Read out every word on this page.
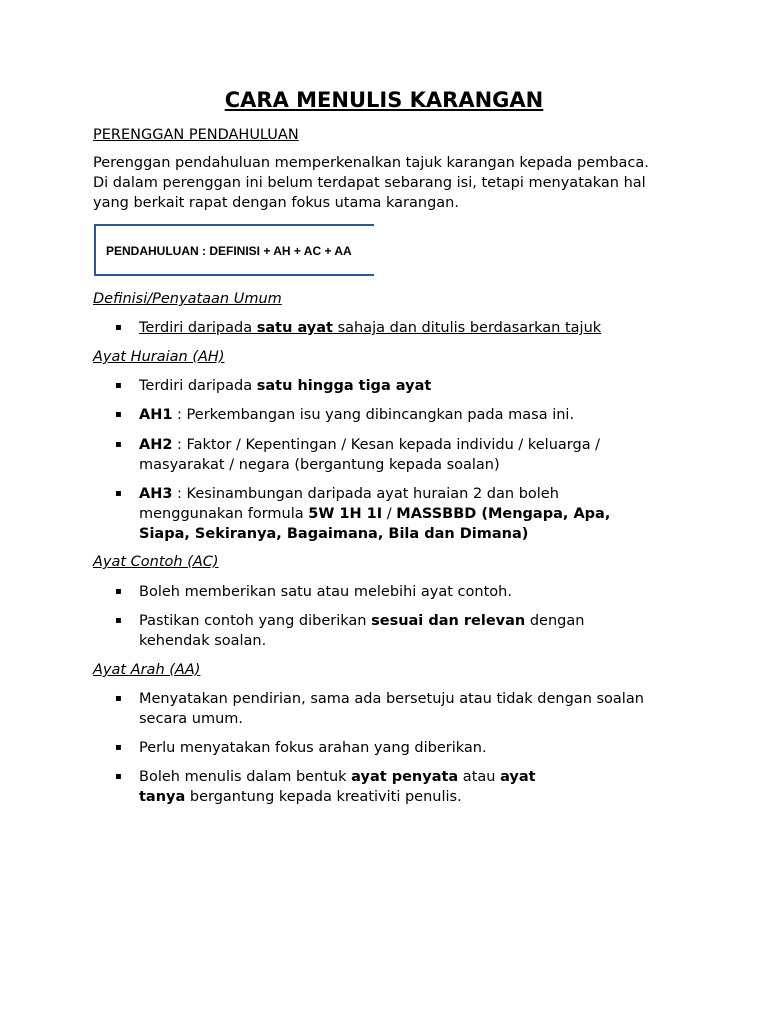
CARA MENULIS KARANGAN

PERENGGAN PENDAHULUAN

Perenggan pendahuluan memperkenalkan tajuk karangan kepada pembaca. Di dalam perenggan ini belum terdapat sebarang isi, tetapi menyatakan hal yang berkait rapat dengan fokus utama karangan.

PENDAHULUAN : DEFINISI + AH + AC + AA

Definisi/Penyataan Umum

▪ Terdiri daripada satu ayat sahaja dan ditulis berdasarkan tajuk

Ayat Huraian (AH)

▪ Terdiri daripada satu hingga tiga ayat

▪ AH1 : Perkembangan isu yang dibincangkan pada masa ini.

▪ AH2 : Faktor / Kepentingan / Kesan kepada individu / keluarga / masyarakat / negara (bergantung kepada soalan)

▪ AH3 : Kesinambungan daripada ayat huraian 2 dan boleh menggunakan formula 5W 1H 1I / MASSBBD (Mengapa, Apa, Siapa, Sekiranya, Bagaimana, Bila dan Dimana)

Ayat Contoh (AC)

▪ Boleh memberikan satu atau melebihi ayat contoh.

▪ Pastikan contoh yang diberikan sesuai dan relevan dengan kehendak soalan.

Ayat Arah (AA)

▪ Menyatakan pendirian, sama ada bersetuju atau tidak dengan soalan secara umum.

▪ Perlu menyatakan fokus arahan yang diberikan.

▪ Boleh menulis dalam bentuk ayat penyata atau ayat tanya bergantung kepada kreativiti penulis.
